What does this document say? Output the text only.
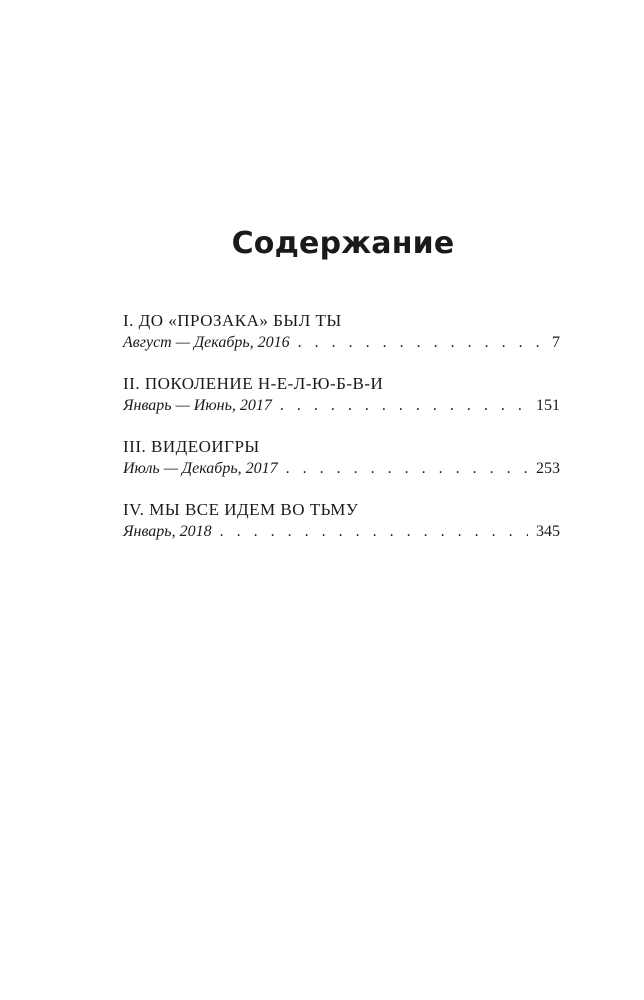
Содержание
I. ДО «ПРОЗАКА» БЫЛ ТЫ
Август — Декабрь, 2016 . . .	7
II. ПОКОЛЕНИЕ Н-Е-Л-Ю-Б-В-И
Январь — Июнь, 2017 . . .	151
III. ВИДЕОИГРЫ
Июль — Декабрь, 2017 . . .	253
IV. МЫ ВСЕ ИДЕМ ВО ТЬМУ
Январь, 2018 . . .	345
